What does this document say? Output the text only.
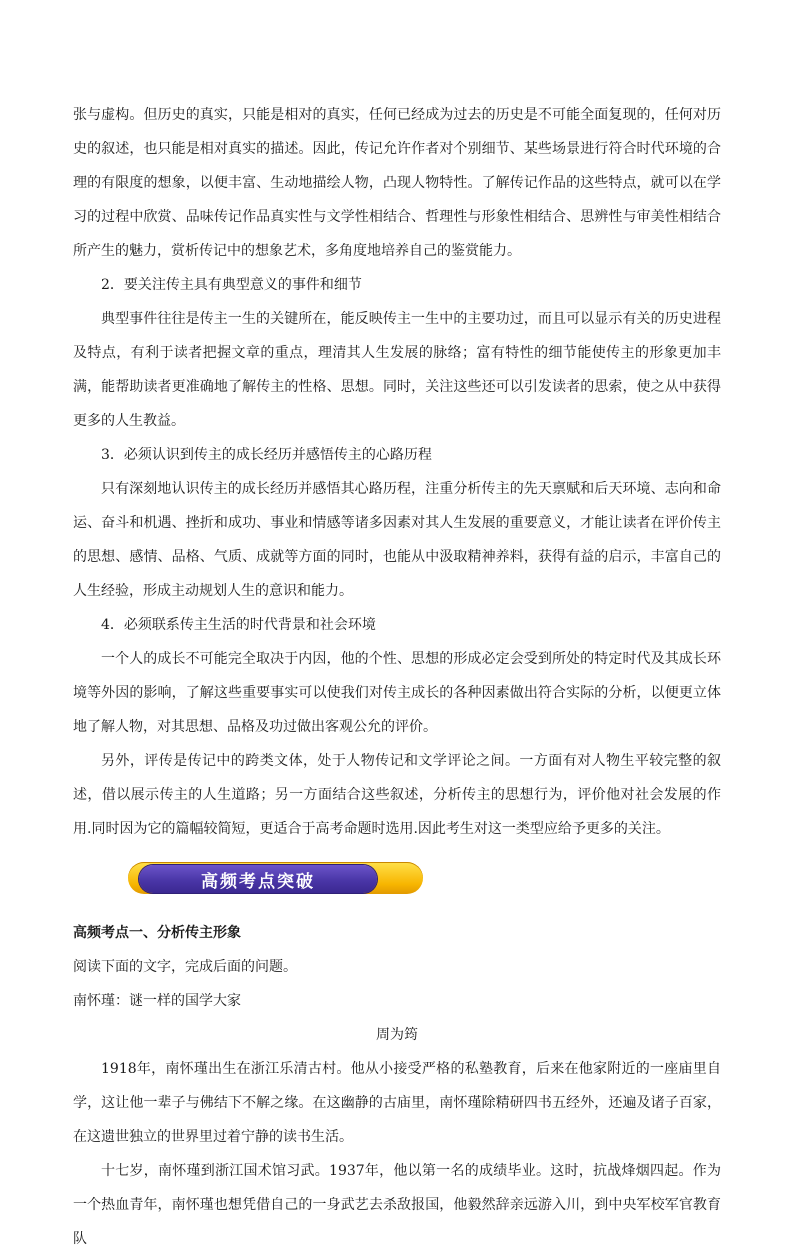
张与虚构。但历史的真实，只能是相对的真实，任何已经成为过去的历史是不可能全面复现的，任何对历史的叙述，也只能是相对真实的描述。因此，传记允许作者对个别细节、某些场景进行符合时代环境的合理的有限度的想象，以便丰富、生动地描绘人物，凸现人物特性。了解传记作品的这些特点，就可以在学习的过程中欣赏、品味传记作品真实性与文学性相结合、哲理性与形象性相结合、思辨性与审美性相结合所产生的魅力，赏析传记中的想象艺术，多角度地培养自己的鉴赏能力。

2．要关注传主具有典型意义的事件和细节

典型事件往往是传主一生的关键所在，能反映传主一生中的主要功过，而且可以显示有关的历史进程及特点，有利于读者把握文章的重点，理清其人生发展的脉络；富有特性的细节能使传主的形象更加丰满，能帮助读者更准确地了解传主的性格、思想。同时，关注这些还可以引发读者的思索，使之从中获得更多的人生教益。

3．必须认识到传主的成长经历并感悟传主的心路历程

只有深刻地认识传主的成长经历并感悟其心路历程，注重分析传主的先天禀赋和后天环境、志向和命运、奋斗和机遇、挫折和成功、事业和情感等诸多因素对其人生发展的重要意义，才能让读者在评价传主的思想、感情、品格、气质、成就等方面的同时，也能从中汲取精神养料，获得有益的启示，丰富自己的人生经验，形成主动规划人生的意识和能力。

4．必须联系传主生活的时代背景和社会环境

一个人的成长不可能完全取决于内因，他的个性、思想的形成必定会受到所处的特定时代及其成长环境等外因的影响，了解这些重要事实可以使我们对传主成长的各种因素做出符合实际的分析，以便更立体地了解人物，对其思想、品格及功过做出客观公允的评价。

另外，评传是传记中的跨类文体，处于人物传记和文学评论之间。一方面有对人物生平较完整的叙述，借以展示传主的人生道路；另一方面结合这些叙述，分析传主的思想行为，评价他对社会发展的作用.同时因为它的篇幅较简短，更适合于高考命题时选用.因此考生对这一类型应给予更多的关注。

高频考点突破

高频考点一、分析传主形象

阅读下面的文字，完成后面的问题。

南怀瑾：谜一样的国学大家

周为筠

1918年，南怀瑾出生在浙江乐清古村。他从小接受严格的私塾教育，后来在他家附近的一座庙里自学，这让他一辈子与佛结下不解之缘。在这幽静的古庙里，南怀瑾除精研四书五经外，还遍及诸子百家，在这遗世独立的世界里过着宁静的读书生活。

十七岁，南怀瑾到浙江国术馆习武。1937年，他以第一名的成绩毕业。这时，抗战烽烟四起。作为一个热血青年，南怀瑾也想凭借自己的一身武艺去杀敌报国，他毅然辞亲远游入川，到中央军校军官教育队
